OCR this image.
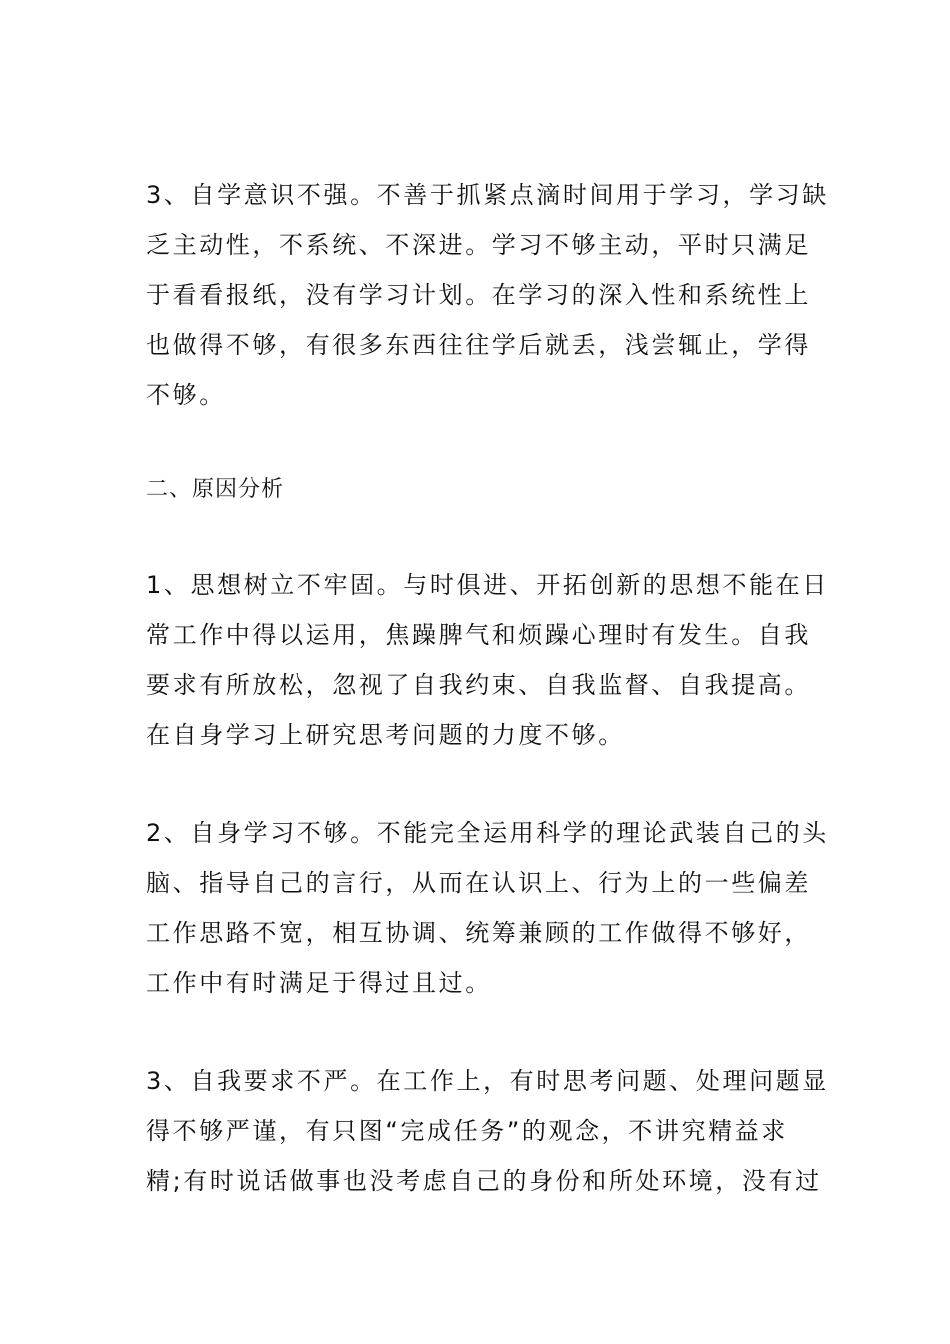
3、自学意识不强。不善于抓紧点滴时间用于学习，学习缺
乏主动性，不系统、不深进。学习不够主动，平时只满足
于看看报纸，没有学习计划。在学习的深入性和系统性上
也做得不够，有很多东西往往学后就丢，浅尝辄止，学得
不够。
二、原因分析
1、思想树立不牢固。与时俱进、开拓创新的思想不能在日
常工作中得以运用，焦躁脾气和烦躁心理时有发生。自我
要求有所放松，忽视了自我约束、自我监督、自我提高。
在自身学习上研究思考问题的力度不够。
2、自身学习不够。不能完全运用科学的理论武装自己的头
脑、指导自己的言行，从而在认识上、行为上的一些偏差
工作思路不宽，相互协调、统筹兼顾的工作做得不够好，
工作中有时满足于得过且过。
3、自我要求不严。在工作上，有时思考问题、处理问题显
得不够严谨，有只图“完成任务”的观念，不讲究精益求
精;有时说话做事也没考虑自己的身份和所处环境，没有过
